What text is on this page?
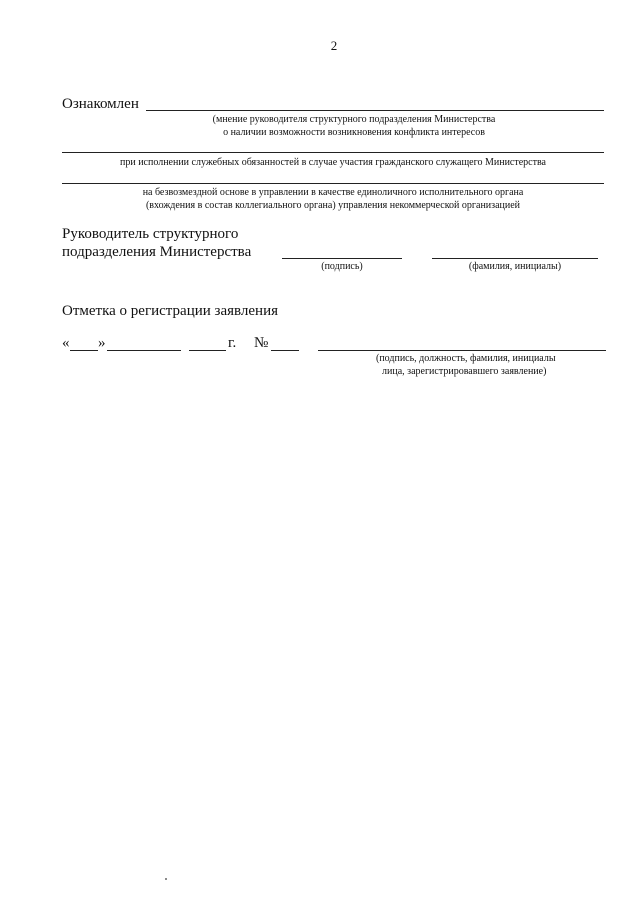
2
Ознакомлен
(мнение руководителя структурного подразделения Министерства
о наличии возможности возникновения конфликта интересов
при исполнении служебных обязанностей в случае участия гражданского служащего Министерства
на безвозмездной основе в управлении в качестве единоличного исполнительного органа
(вхождения в состав коллегиального органа) управления некоммерческой организацией
Руководитель структурного
подразделения Министерства
(подпись)	(фамилия, инициалы)
Отметка о регистрации заявления
« »	г. №
(подпись, должность, фамилия, инициалы
лица, зарегистрировавшего заявление)
